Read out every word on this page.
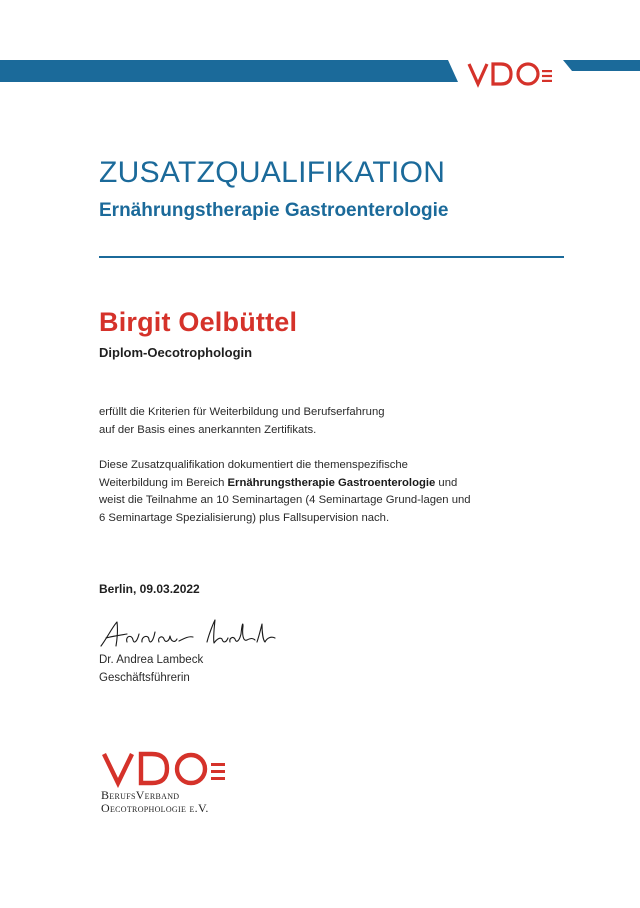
ZUSATZQUALIFIKATION
Ernährungstherapie Gastroenterologie
Birgit Oelbüttel
Diplom-Oecotrophologin

erfüllt die Kriterien für Weiterbildung und Berufserfahrung
auf der Basis eines anerkannten Zertifikats.

Diese Zusatzqualifikation dokumentiert die themenspezifische Weiterbildung im Bereich Ernährungstherapie Gastroenterologie und weist die Teilnahme an 10 Seminartagen (4 Seminartage Grund-lagen und 6 Seminartage Spezialisierung) plus Fallsupervision nach.

Berlin, 09.03.2022
Dr. Andrea Lambeck
Geschäftsführerin
BerufsVerband
Oecotrophologie e.V.
